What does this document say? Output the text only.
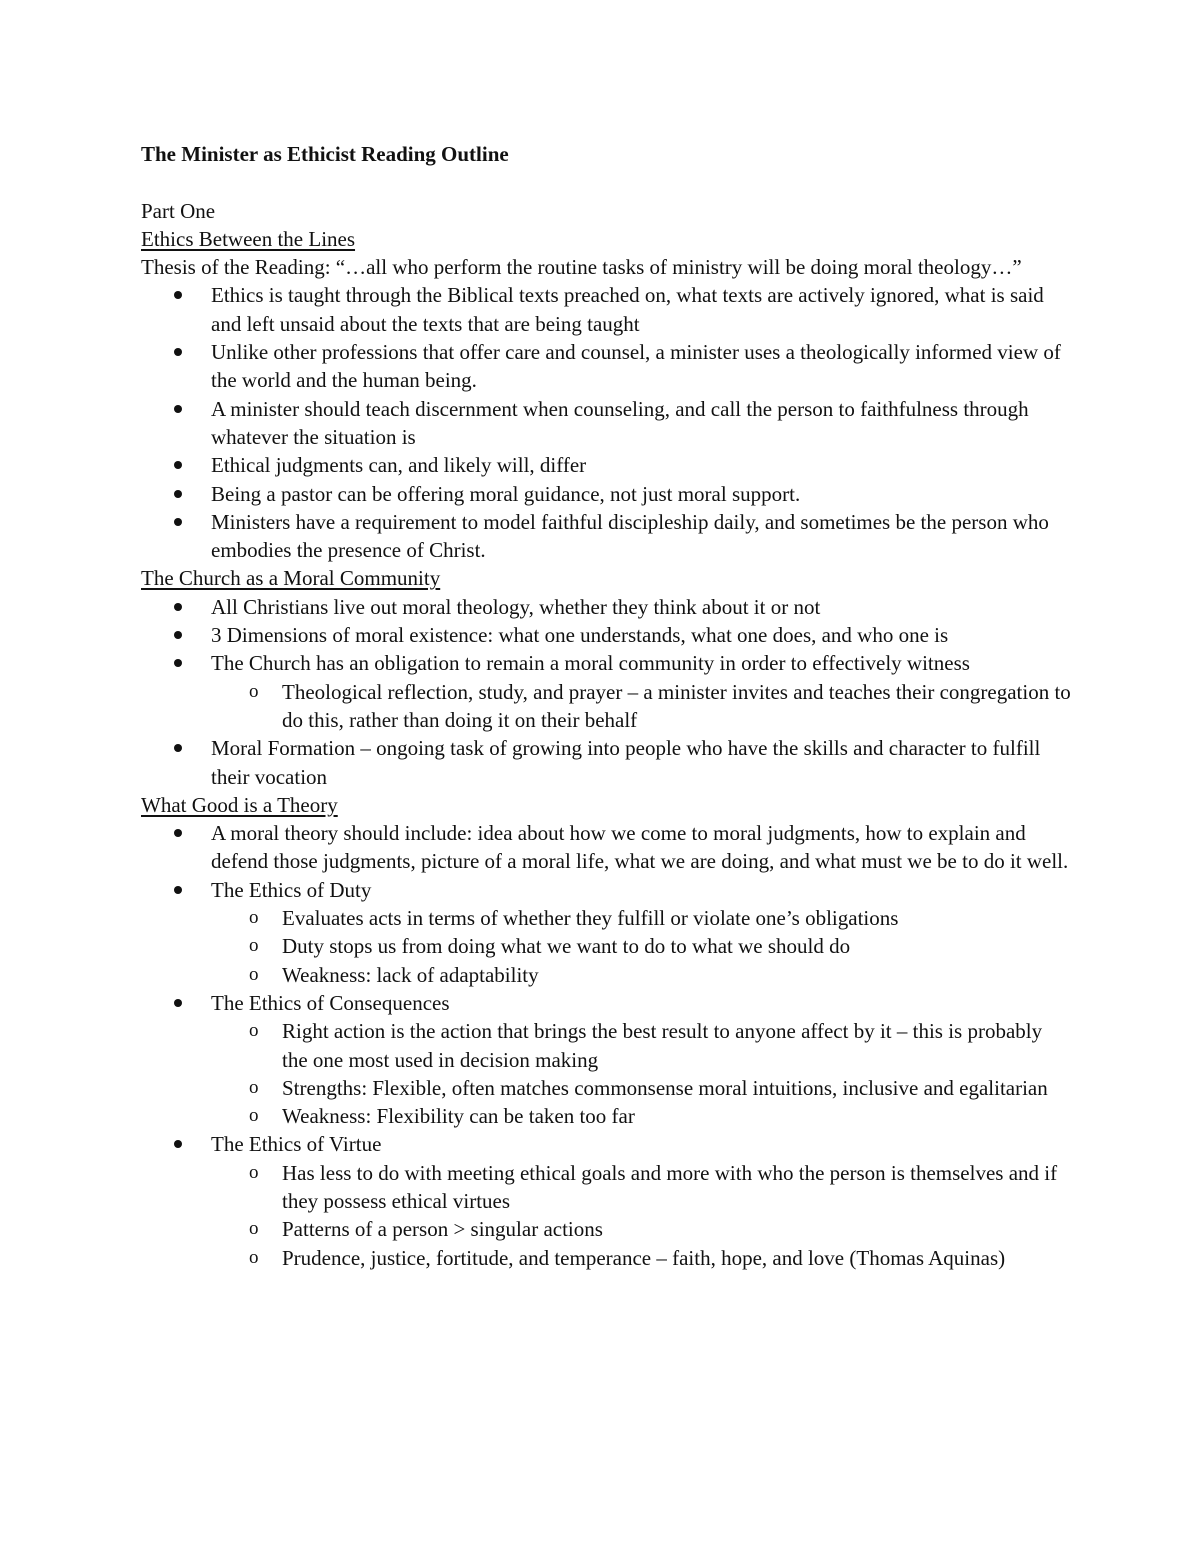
The Minister as Ethicist Reading Outline

Part One

Ethics Between the Lines

Thesis of the Reading: “…all who perform the routine tasks of ministry will be doing moral theology…”

Ethics is taught through the Biblical texts preached on, what texts are actively ignored, what is said and left unsaid about the texts that are being taught
Unlike other professions that offer care and counsel, a minister uses a theologically informed view of the world and the human being.
A minister should teach discernment when counseling, and call the person to faithfulness through whatever the situation is
Ethical judgments can, and likely will, differ
Being a pastor can be offering moral guidance, not just moral support.
Ministers have a requirement to model faithful discipleship daily, and sometimes be the person who embodies the presence of Christ.

The Church as a Moral Community

All Christians live out moral theology, whether they think about it or not
3 Dimensions of moral existence: what one understands, what one does, and who one is
The Church has an obligation to remain a moral community in order to effectively witness
o Theological reflection, study, and prayer – a minister invites and teaches their congregation to do this, rather than doing it on their behalf
Moral Formation – ongoing task of growing into people who have the skills and character to fulfill their vocation

What Good is a Theory

A moral theory should include: idea about how we come to moral judgments, how to explain and defend those judgments, picture of a moral life, what we are doing, and what must we be to do it well.
The Ethics of Duty
o Evaluates acts in terms of whether they fulfill or violate one’s obligations
o Duty stops us from doing what we want to do to what we should do
o Weakness: lack of adaptability
The Ethics of Consequences
o Right action is the action that brings the best result to anyone affect by it – this is probably the one most used in decision making
o Strengths: Flexible, often matches commonsense moral intuitions, inclusive and egalitarian
o Weakness: Flexibility can be taken too far
The Ethics of Virtue
o Has less to do with meeting ethical goals and more with who the person is themselves and if they possess ethical virtues
o Patterns of a person > singular actions
o Prudence, justice, fortitude, and temperance – faith, hope, and love (Thomas Aquinas)
